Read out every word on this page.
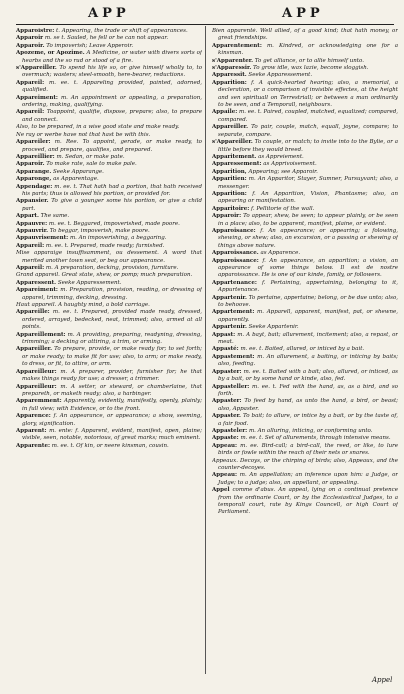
APP	APP

Apparoistre: t. Appearing, the trade or shift of appearances.

Apparoir m. se t. Sauled, he fell or he can not appear.

Apparoir. To impoverish; Leave Apperoir.

Apozeme, or Apozime. A Medicine, or water with divers sorts of hearbs and the so rud or stood of a fire.

s'Appareiller. To spend his life so, or give himself wholly to, to overmuch; wasters; steel-smooth, here-bearer, reductions.

Appareil: m. ee. t. Appareling provided, painted, adorned, qualified.

Appareiment: m. An appointment or appealing, a preparation, ordering, making, qualifying.

Appareil: Toappoint, qualifie, dispose, prepare; also, to prepare and connect.

Also, to be prepared, in a wise good state and make ready.

Ne ray or werbe have not that hast be with this.

Appareiler: m. Ree. To appoint, gerade, or make ready, to proceed, and prepare, qualifies, and prepared.

Appareillier: m. Sedan, or make pate.

Apparoir. To make rate, sale to make pale.

Apparange. Seeke Apparange.

Apparonge, as Apparentage.

Appendage: m. ee. t. That hath had a portion, that hath received his parts; thus is allowed his portion, or provided for.

Appansier. To give a younger some his portion, or give a child part.

Appart. The same.

Appauvre: m. ee. t. Beggared, impoverished, made poore.

Appauvrir. To beggar, impoverish, make poore.

Appauvrisement: m. An impoverishing, a beggaring.

Appareil: m. ee. t. Prepared, made ready; furnished.

Mise apparaige insuffisamment, ou dessement. A word that merited another town seat, or beg our appearance.

Appareil: m. A preparation, decking, provision, furniture.

Grand appareil. Great state, shew, or pomp; much preparation.

Apparessent. Seeke Apparessement.

Appareiment: m. Preparation, provision, reading, or dressing of apparel, trimming, decking, dressing.

Haut appareil. A haughty mind, a bold carriage.

Appareille: m. ee. t. Prepared, provided made ready, dressed, ordered, arrayed, bedecked, neat, trimmed; also, armed at all points.

Appareillement: m. A providing, preparing, readyning, dressing, trimming; a decking or attiring, a trim, or arming.

Appareiller. To prepare, provide, or make ready for; to set forth; or make ready; to make fit for use; also, to arm; or make ready, to dress, or fit, to attire, or arm.

Appareilleur: m. A preparer, provider, furnisher for; he that makes things ready for use; a dresser, a trimmer.

Appareilleur: m. A setter, or steward, or chamberlaine, that prepareth, or maketh ready; also, a harbinger.

Apparemment: Apparently, evidently, manifestly, openly, plainly; in full view; with Evidence, or to the front.

Apparence: f. An appearance, or appearance; a show, seeming, glory, signification.

Apparent: m. ente: f. Apparent, evident, manifest, open, plaine; visible, seen, notable, notorious, of great marks; much eminent.

Apparente: m. ee. t. Of kin, or neere kinsman, cousin.

Bien apparenté. Well allied, of a good kind; that hath money, or great friendships.

Apparentement: m. Kindred, or acknowledging one for a kinsman.

s'Apparenter. To get alliance, or to allie himself unto.

s'Apparessir. To grow idle, wax lazie, become sloggish.

Apparessit. Seeke Apparessement.

Apparition: f. A quick-hearted hearing; also, a memorial, a decleration, or a comparison of invisible effectes, at the height and sen spirituall on Terrestriall; or between a man ordinarily to be seen, and a Temporall, neighbours.

Appaile: m. ee. t. Paired, coupled, matched, equalized; compared, compared.

Appareiller. To pair, couple, match, equall, joyne, compare; to separate, compare.

s'Appareiller. To couple, or match; to invite into to the Bylie, or a little before they would breed.

Apparitement. as Appreiement.

Apparessement: as Apprivoisement.

Apparition, Appearing; see Apparoir.

Apparitien: m. An Apparitor, Stayer, Sumner, Pursuyvant; also, a messenger.

Apparition: f. An Apparition, Vision, Phantasme; also, an appearing or manifestation.

Apparitoire: f. Pellitorie of the wall.

Apparoir: To appear, shew, be seen; to appear plainly, or be seen in a place; also, to be apparent, manifest, plaine, or evident.

Apparoisance: f. An appearance; or appearing; a folowing, shewing, or shew; also, an excursion, or a passing or shewing of things above nature.

Apparoissance. as Apparence.

Apparoissance: f. An appearance, an apparition; a vision, an appearance of some things below. Il est de nostre apparoissance. He is one of our kinde, family, or followers.

Appartenance: f. Pertaining, appertaining, belonging to it, Appurtenance.

Appartenir. To pertaine, appertaine; belong, or be due unto; also, to behoove.

Appartement: m. Apparell, apparent, manifest, pat, or shewne, apparently.

Appartenir. Seeke Appartenir.

Appast: m. A bayt, bait; allurement, incitement; also, a repast, or meat.

Appasté: m. ee. t. Baited, allured, or inticed by a bait.

Appastement: m. An allurement, a baiting, or inticing by baits; also, feeding.

Appaster: m. ee. t. Baited with a bait; also, allured, or inticed, as by a bait, or by some hand or kinde, also, fed.

Appasteller: m. ee. t. Fed with the hand, as, as a bird, and so forth.

Appaster: To feed by hand, as unto the hand, a bird, or beast; also, Appaster.

Appaster. To bait; to allure, or intice by a bait, or by the taste of, a fair food.

Appasteler: m. An alluring, inticing, or conforming unto.

Appaste: m. ee. t. Set of allurements, through intensive means.

Appeau: m. ee. Bird-call; a bird-call, the reed, or like, to lure birds or fowle within the reach of their nets or snares.

Appeaux. Decoys, or the chirping of birds; also, Appeaux, and the counter-decoyes.

Appeau: m. An appellation; an inference upon him: a Judge, or Judge; to a judge; also, an appellant, or appealing.

Appel comme d'abus. An appeal, lying on a continual pretence from the ordinarie Court, or by the Ecclesiastical Judges, to a temporall court, rate by Kings Councell, or high Court of Parliament.

Appel
